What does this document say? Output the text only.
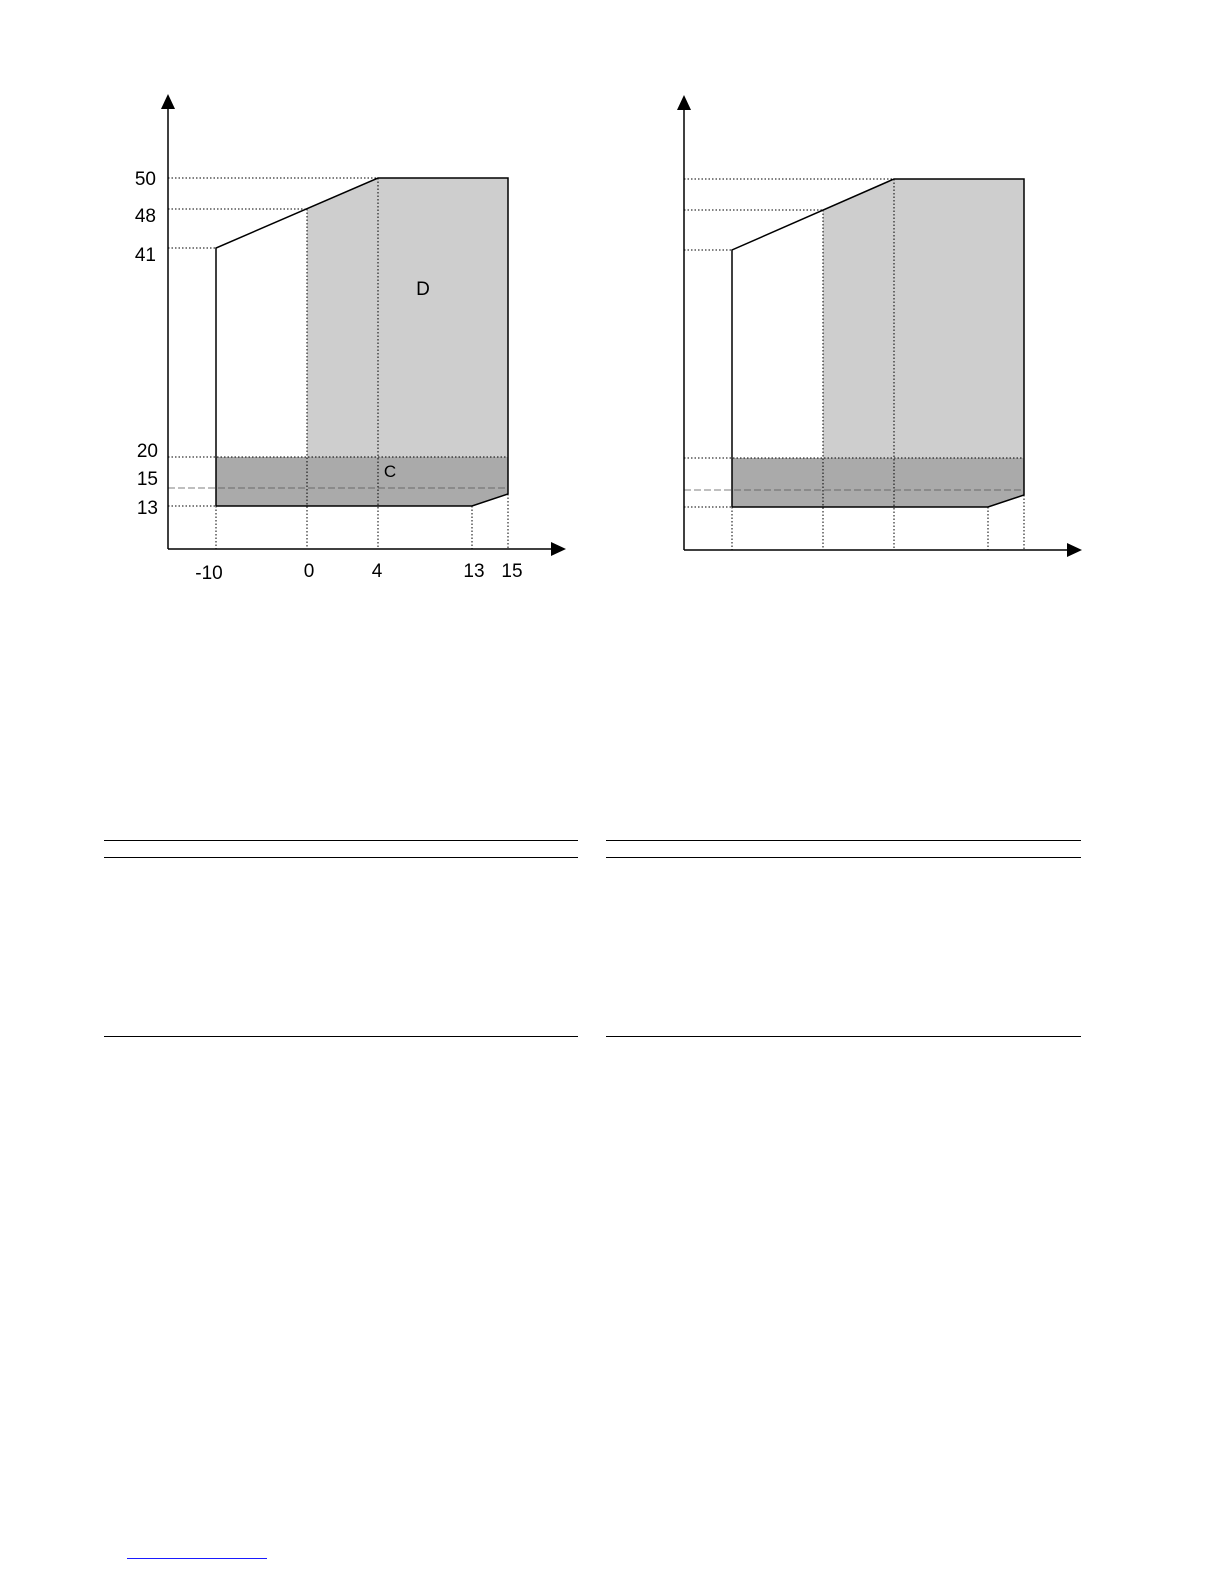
50
48
41
20
15
13
-10	0	4	13 15
D
C
